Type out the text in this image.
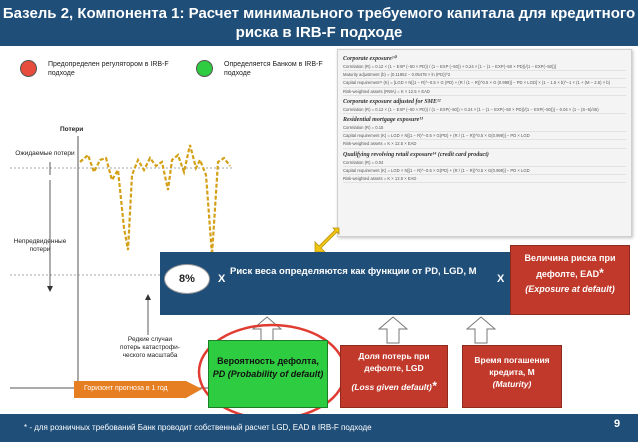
Базель 2, Компонента 1: Расчет минимального требуемого капитала для кредитного
риска в IRB-F подходе
Предопределен регулятором в IRB-F подходе
Определяется Банком в IRB-F подходе
Потери
Ожидаемые потери
Непредвиденные потери
Редкие случаи потерь катастрофи-ческого масштаба
Горизонт прогноза в 1 год
Corporate exposure¹⁰
Correlation (R) = 0.12 × (1 − EXP (−50 × PD)) / (1 − EXP (−50)) + 0.24 × [1 − (1 − EXP(−50 × PD))/(1 − EXP(−50))]
Maturity adjustment (b) = (0.11852 − 0.05478 × ln (PD))^2
Capital requirement¹¹ (K) = [LGD × N[(1 − R)^−0.5 × G (PD) + (R / (1 − R))^0.5 × G (0.999)] − PD × LGD] × (1 − 1.5 × b)^−1 × (1 + (M − 2.5) × b)
Risk-weighted assets (RWA) = K × 12.5 × EAD
Corporate exposure adjusted for SME¹²
Correlation (R) = 0.12 × (1 − EXP (−50 × PD)) / (1 − EXP(−50)) + 0.24 × [1 − (1 − EXP(−50 × PD))/(1 − EXP(−50))] − 0.04 × (1 − (S−5)/45)
Residential mortgage exposure¹³
Correlation (R) = 0.15
Capital requirement (K) = LGD × N[(1 − R)^−0.5 × G(PD) + (R / (1 − R))^0.5 × G(0.999)] − PD × LGD
Risk-weighted assets = K × 12.5 × EAD
Qualifying revolving retail exposure¹⁴ (credit card product)
Correlation (R) = 0.04
Capital requirement (K) = LGD × N[(1 − R)^−0.5 × G(PD) + (R / (1 − R))^0.5 × G(0.999)] − PD × LGD
Risk-weighted assets = K × 12.5 × EAD
=	8%	X
Риск веса определяются как функции от PD, LGD, M
X
Величина риска при дефолте, EAD*
(Exposure at default)
Вероятность дефолта,
PD (Probability of default)
Доля потерь при дефолте, LGD
(Loss given default)*
Время погашения кредита, M
(Maturity)
* - для розничных требований Банк проводит собственный расчет LGD, EAD в IRB-F подходе	9
